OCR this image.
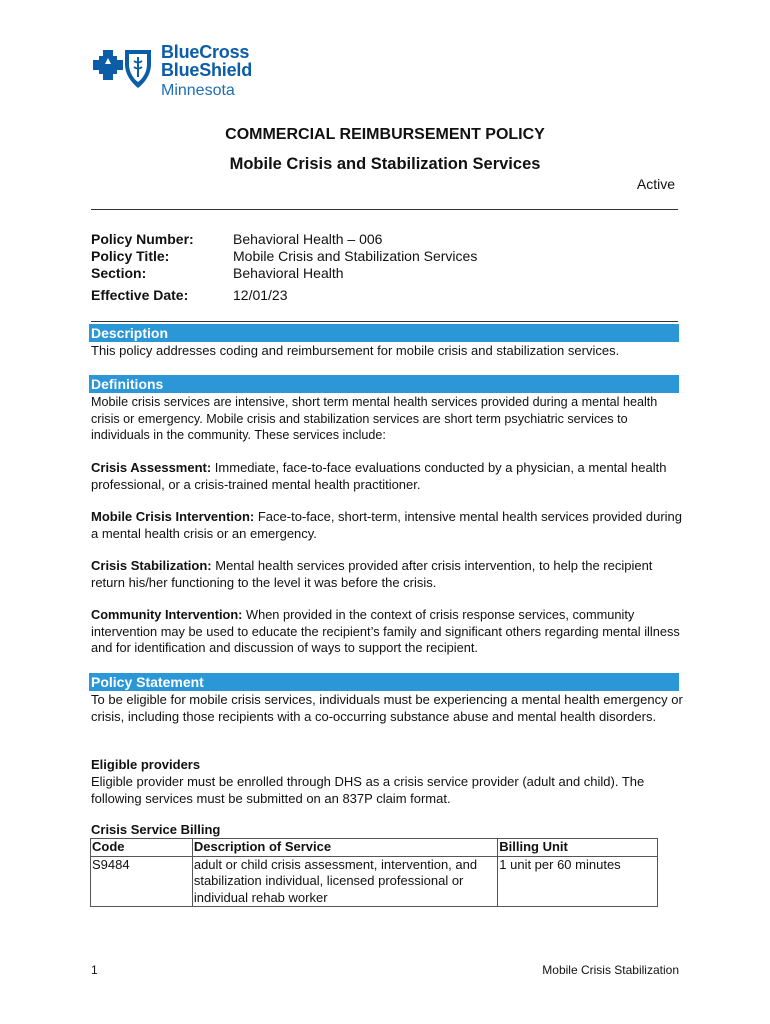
BlueCross
BlueShield
Minnesota
COMMERCIAL REIMBURSEMENT POLICY
Mobile Crisis and Stabilization Services
Active
Policy Number:	Behavioral Health – 006
Policy Title:	Mobile Crisis and Stabilization Services
Section:	Behavioral Health
Effective Date:	12/01/23
Description
This policy addresses coding and reimbursement for mobile crisis and stabilization services.
Definitions
Mobile crisis services are intensive, short term mental health services provided during a mental health crisis or emergency. Mobile crisis and stabilization services are short term psychiatric services to individuals in the community. These services include:
Crisis Assessment: Immediate, face-to-face evaluations conducted by a physician, a mental health professional, or a crisis-trained mental health practitioner.
Mobile Crisis Intervention: Face-to-face, short-term, intensive mental health services provided during a mental health crisis or an emergency.
Crisis Stabilization: Mental health services provided after crisis intervention, to help the recipient return his/her functioning to the level it was before the crisis.
Community Intervention: When provided in the context of crisis response services, community intervention may be used to educate the recipient’s family and significant others regarding mental illness and for identification and discussion of ways to support the recipient.
Policy Statement
To be eligible for mobile crisis services, individuals must be experiencing a mental health emergency or crisis, including those recipients with a co-occurring substance abuse and mental health disorders.
Eligible providers
Eligible provider must be enrolled through DHS as a crisis service provider (adult and child). The following services must be submitted on an 837P claim format.
Crisis Service Billing
Code	Description of Service	Billing Unit
S9484	adult or child crisis assessment, intervention, and stabilization individual, licensed professional or individual rehab worker	1 unit per 60 minutes
1	Mobile Crisis Stabilization
